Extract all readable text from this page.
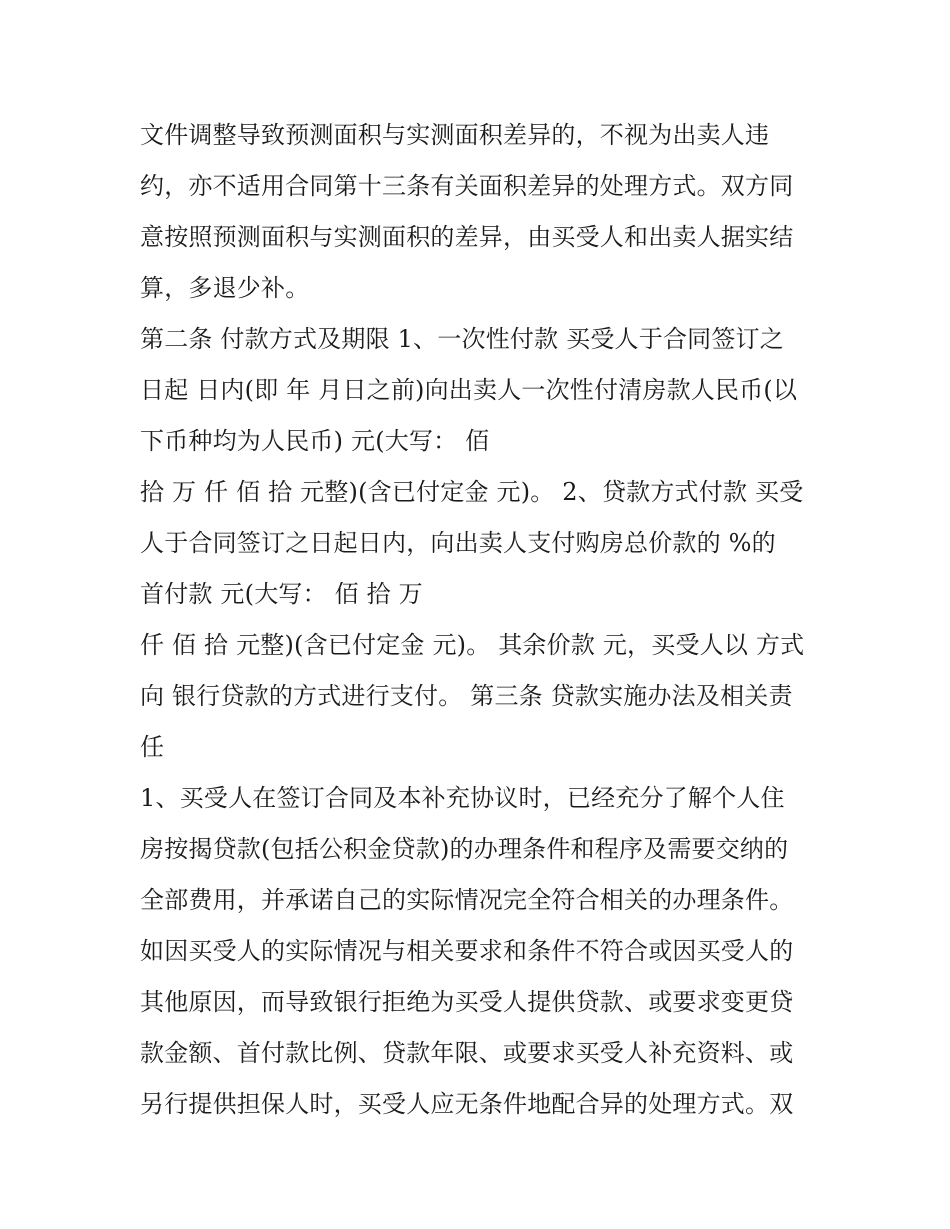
文件调整导致预测面积与实测面积差异的，不视为出卖人违
约，亦不适用合同第十三条有关面积差异的处理方式。双方同
意按照预测面积与实测面积的差异，由买受人和出卖人据实结
算，多退少补。
第二条 付款方式及期限 1、一次性付款 买受人于合同签订之
日起 日内(即 年 月日之前)向出卖人一次性付清房款人民币(以
下币种均为人民币) 元(大写： 佰
拾 万 仟 佰 拾 元整)(含已付定金 元)。 2、贷款方式付款 买受
人于合同签订之日起日内，向出卖人支付购房总价款的 %的
首付款 元(大写： 佰 拾 万
仟 佰 拾 元整)(含已付定金 元)。 其余价款 元，买受人以 方式
向 银行贷款的方式进行支付。 第三条 贷款实施办法及相关责
任
1、买受人在签订合同及本补充协议时，已经充分了解个人住
房按揭贷款(包括公积金贷款)的办理条件和程序及需要交纳的
全部费用，并承诺自己的实际情况完全符合相关的办理条件。
如因买受人的实际情况与相关要求和条件不符合或因买受人的
其他原因，而导致银行拒绝为买受人提供贷款、或要求变更贷
款金额、首付款比例、贷款年限、或要求买受人补充资料、或
另行提供担保人时，买受人应无条件地配合异的处理方式。双
